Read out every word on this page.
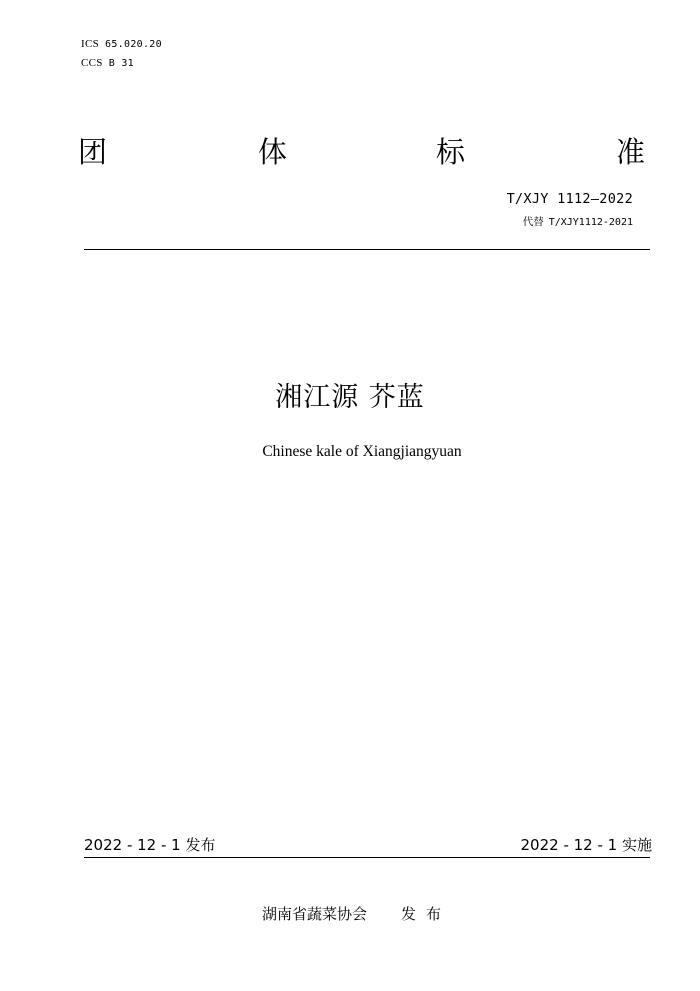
ICS 65.020.20
CCS B 31
团	体	标	准
T/XJY 1112—2022
代替 T/XJY1112-2021
湘江源 芥蓝
Chinese kale of Xiangjiangyuan
2022 - 12 - 1 发布	2022 - 12 - 1 实施
湖南省蔬菜协会 发布
